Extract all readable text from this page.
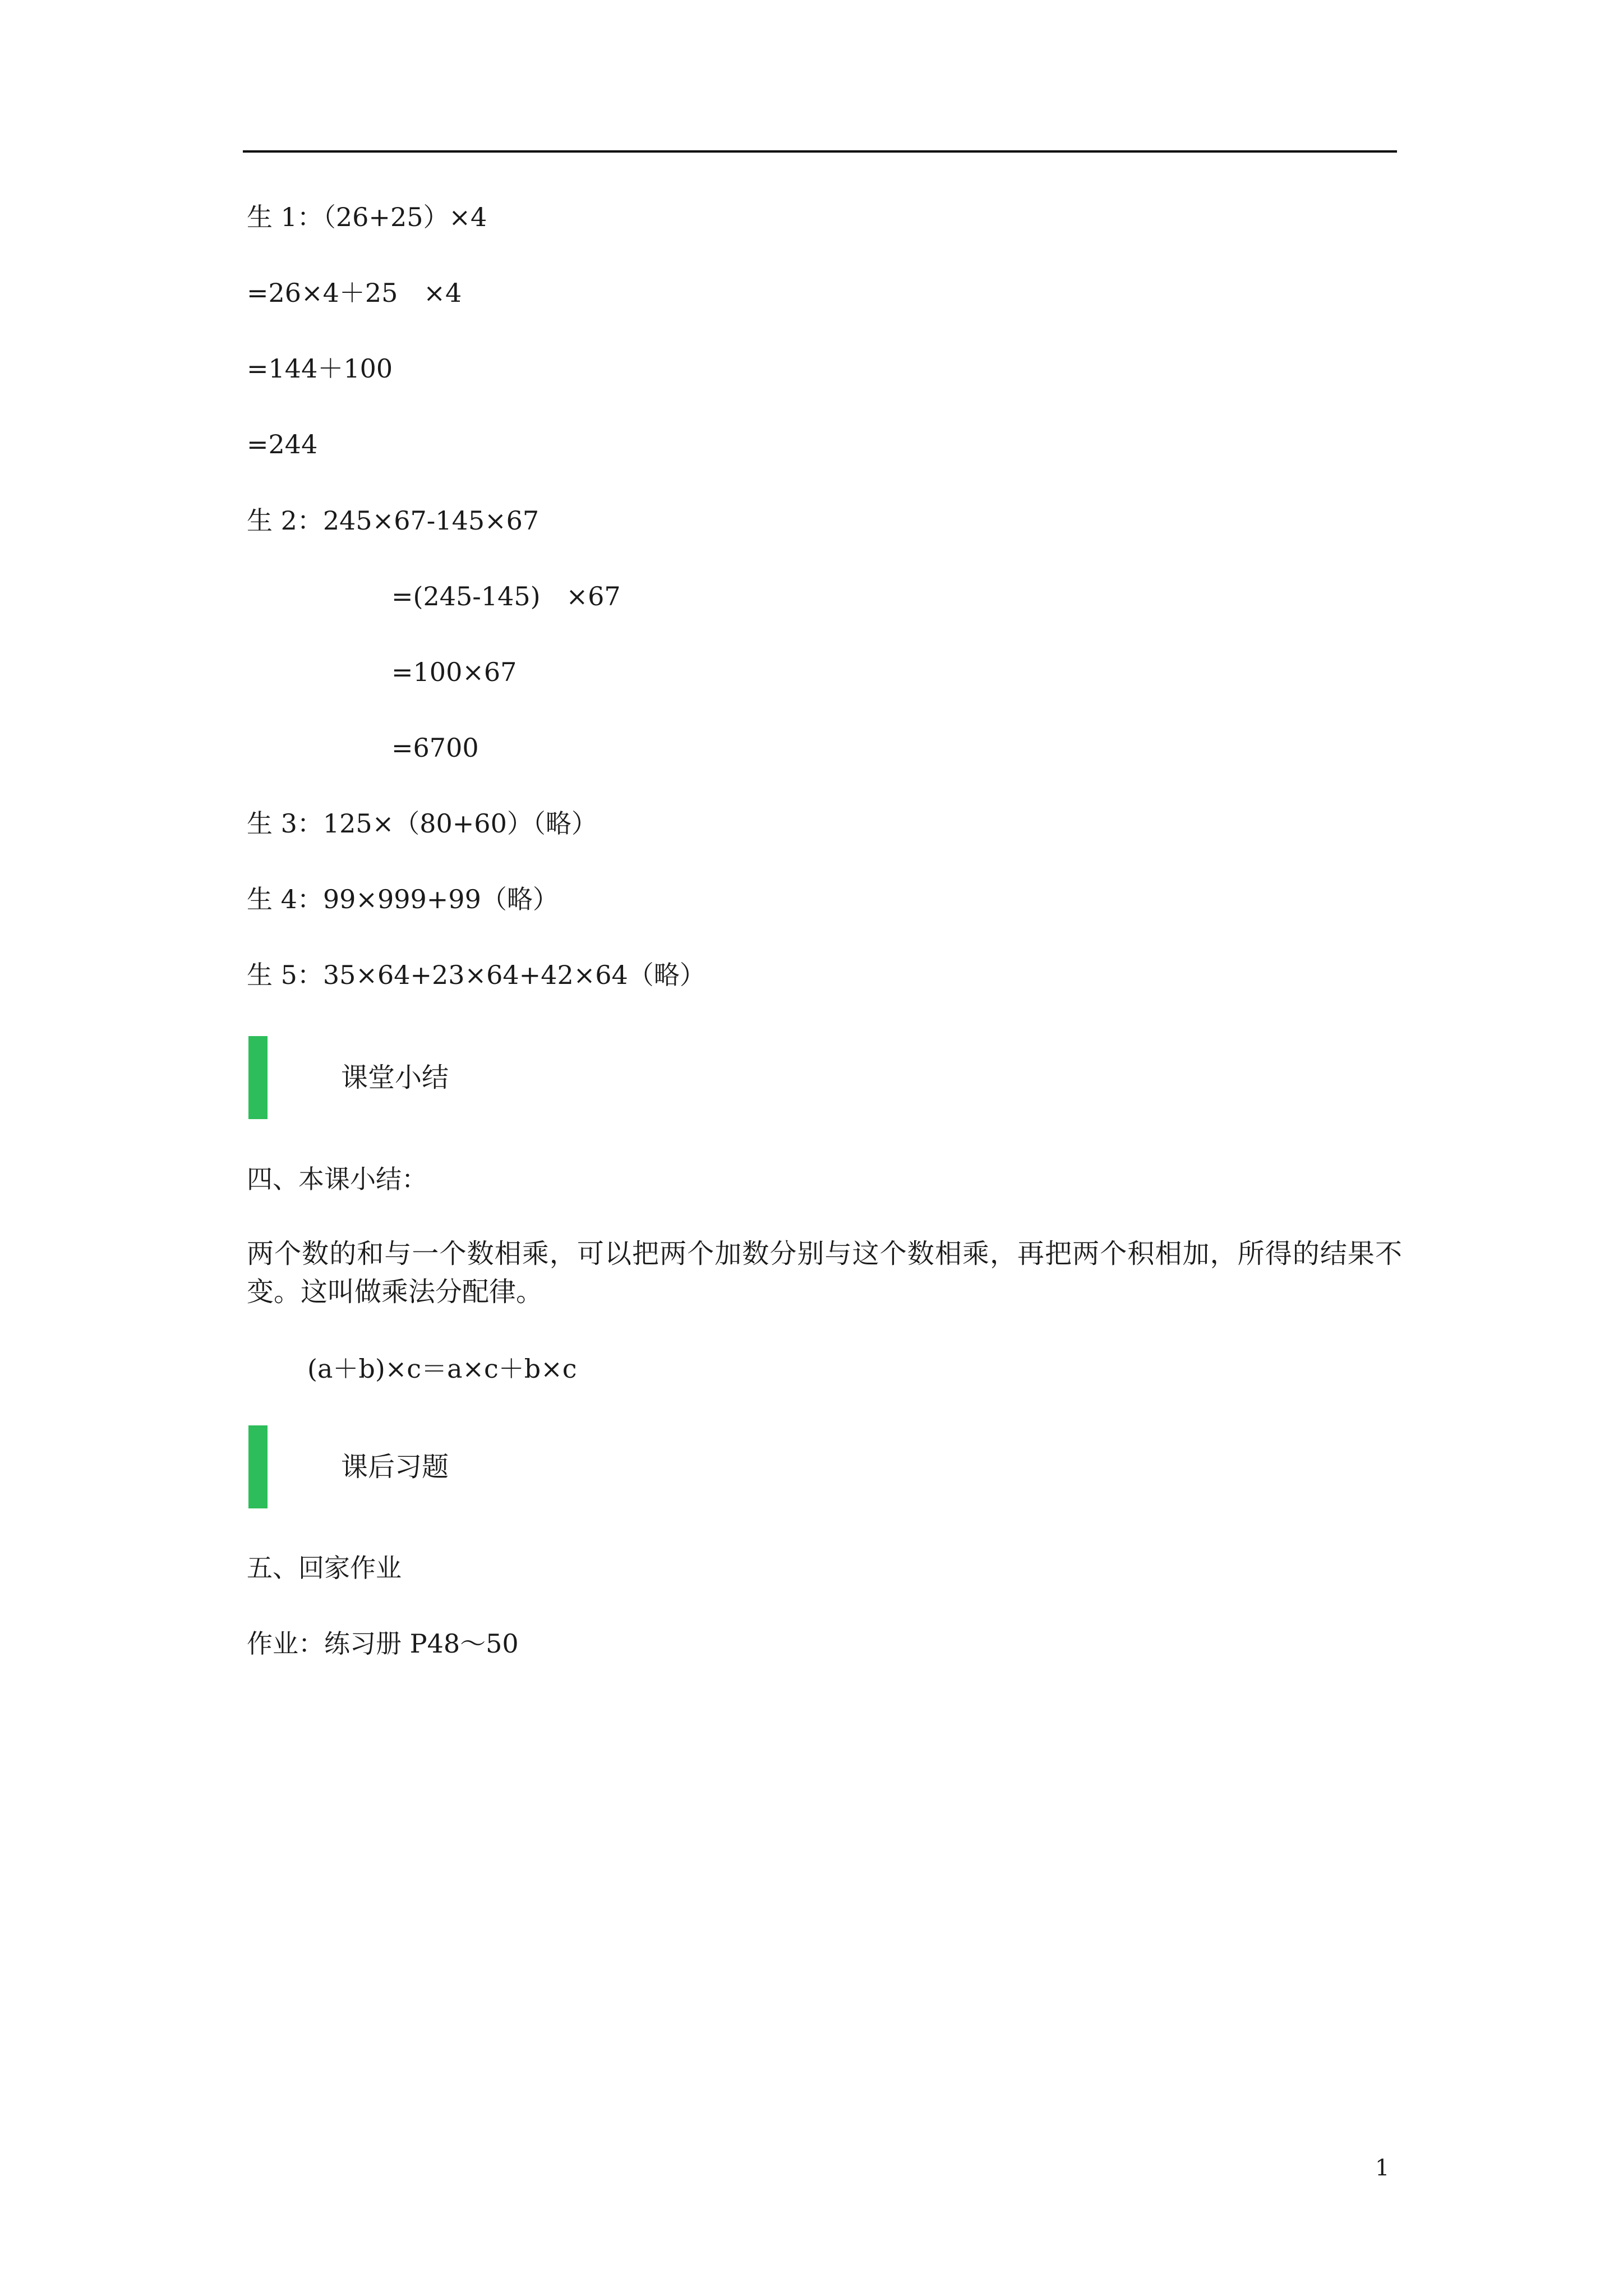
生 1：（26+25）×4
=26×4＋25　×4
=144＋100
=244
生 2：245×67-145×67
=(245-145)　×67
=100×67
=6700
生 3：125×（80+60）（略）
生 4：99×999+99（略）
生 5：35×64+23×64+42×64（略）
课堂小结
四、本课小结：
两个数的和与一个数相乘，可以把两个加数分别与这个数相乘，再把两个积相加，所得的结果不变。这叫做乘法分配律。
(a＋b)×c＝a×c＋b×c
课后习题
五、回家作业
作业：练习册 P48～50
1
